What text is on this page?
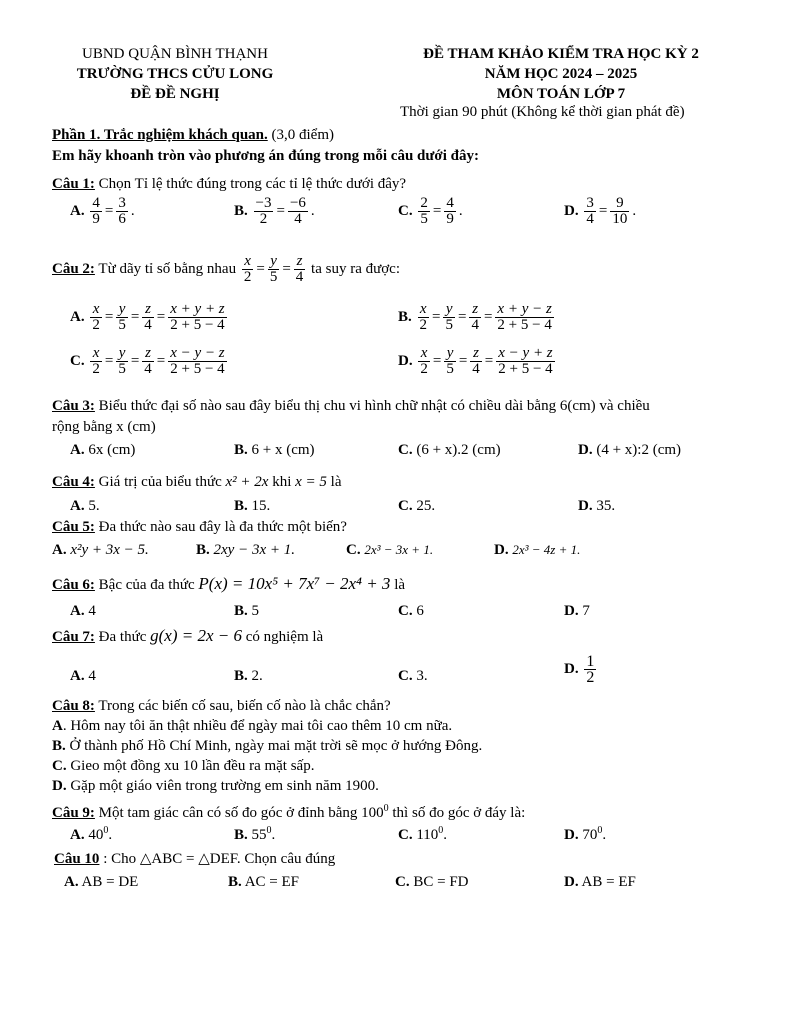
UBND QUẬN BÌNH THẠNH
TRƯỜNG THCS CỬU LONG
ĐỀ ĐỀ NGHỊ
ĐỀ THAM KHẢO KIỂM TRA HỌC KỲ 2
NĂM HỌC 2024 – 2025
MÔN TOÁN LỚP 7
Thời gian 90 phút (Không kể thời gian phát đề)
Phần 1. Trắc nghiệm khách quan. (3,0 điểm)
Em hãy khoanh tròn vào phương án đúng trong mỗi câu dưới đây:
Câu 1: Chọn Tỉ lệ thức đúng trong các tỉ lệ thức dưới đây?
A. $\frac{4}{9} = \frac{3}{6}$ .	B. $\frac{-3}{2} = \frac{-6}{4}$ .	C. $\frac{2}{5} = \frac{4}{9}$ .	D. $\frac{3}{4} = \frac{9}{10}$ .
Câu 2: Từ dãy tỉ số bằng nhau $\frac{x}{2} = \frac{y}{5} = \frac{z}{4}$ ta suy ra được:
A. $\frac{x}{2} = \frac{y}{5} = \frac{z}{4} = \frac{x + y + z}{2 + 5 - 4}$	B. $\frac{x}{2} = \frac{y}{5} = \frac{z}{4} = \frac{x + y - z}{2 + 5 - 4}$
C. $\frac{x}{2} = \frac{y}{5} = \frac{z}{4} = \frac{x - y - z}{2 + 5 - 4}$	D. $\frac{x}{2} = \frac{y}{5} = \frac{z}{4} = \frac{x - y + z}{2 + 5 - 4}$
Câu 3: Biểu thức đại số nào sau đây biểu thị chu vi hình chữ nhật có chiều dài bằng 6(cm) và chiều
rộng bằng x (cm)
A. 6x (cm)	B. 6 + x (cm)	C. (6 + x).2 (cm)	D. (4 + x):2 (cm)
Câu 4: Giá trị của biểu thức x² + 2x khi x = 5 là
A. 5.	B. 15.	C. 25.	D. 35.
Câu 5: Đa thức nào sau đây là đa thức một biến?
A. x²y + 3x − 5.	B. 2xy − 3x + 1.	C. 2x³ − 3x + 1.	D. 2x³ − 4z + 1.
Câu 6: Bậc của đa thức P(x) = 10x⁵ + 7x⁷ − 2x⁴ + 3 là
A. 4	B. 5	C. 6	D. 7
Câu 7: Đa thức g(x) = 2x − 6 có nghiệm là
A. 4	B. 2.	C. 3.	D. $\frac{1}{2}$
Câu 8: Trong các biến cố sau, biến cố nào là chắc chắn?
A. Hôm nay tôi ăn thật nhiều để ngày mai tôi cao thêm 10 cm nữa.
B. Ở thành phố Hồ Chí Minh, ngày mai mặt trời sẽ mọc ở hướng Đông.
C. Gieo một đồng xu 10 lần đều ra mặt sấp.
D. Gặp một giáo viên trong trường em sinh năm 1900.
Câu 9: Một tam giác cân có số đo góc ở đỉnh bằng $100^0$ thì số đo góc ở đáy là:
A. $40^0$.	B. $55^0$.	C. $110^0$.	D. $70^0$.
Câu 10 : Cho △ABC = △DEF. Chọn câu đúng
A. AB = DE	B. AC = EF	C. BC = FD	D. AB = EF
